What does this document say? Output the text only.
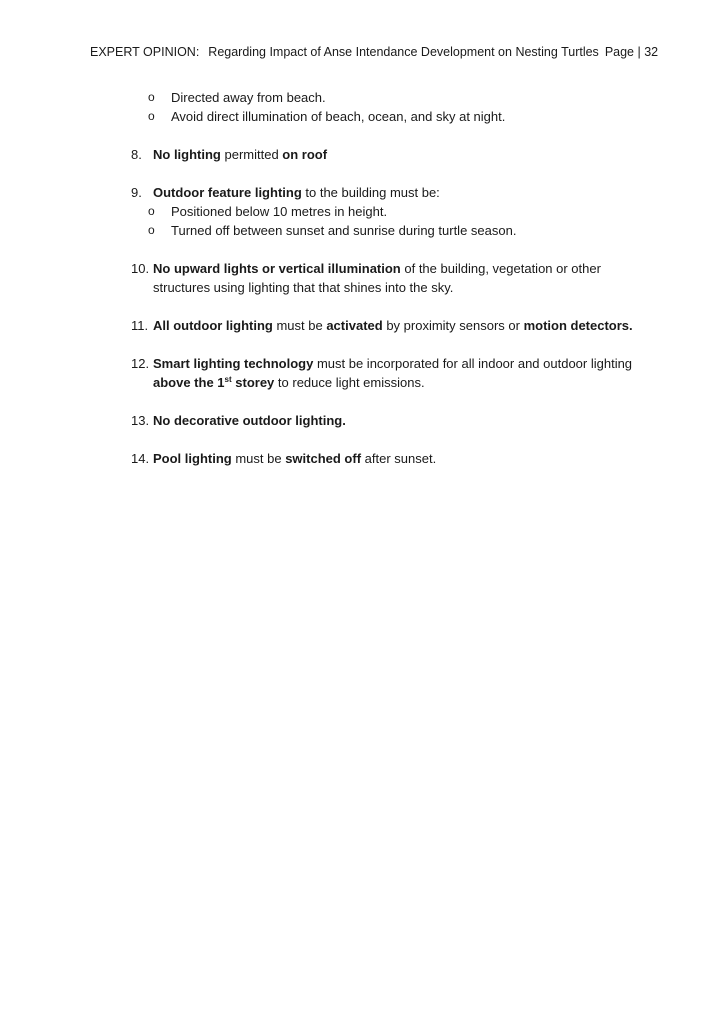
EXPERT OPINION: Regarding Impact of Anse Intendance Development on Nesting Turtles Page | 32
o Directed away from beach.
o Avoid direct illumination of beach, ocean, and sky at night.
8. No lighting permitted on roof
9. Outdoor feature lighting to the building must be:
o Positioned below 10 metres in height.
o Turned off between sunset and sunrise during turtle season.
10. No upward lights or vertical illumination of the building, vegetation or other structures using lighting that that shines into the sky.
11. All outdoor lighting must be activated by proximity sensors or motion detectors.
12. Smart lighting technology must be incorporated for all indoor and outdoor lighting above the 1st storey to reduce light emissions.
13. No decorative outdoor lighting.
14. Pool lighting must be switched off after sunset.
